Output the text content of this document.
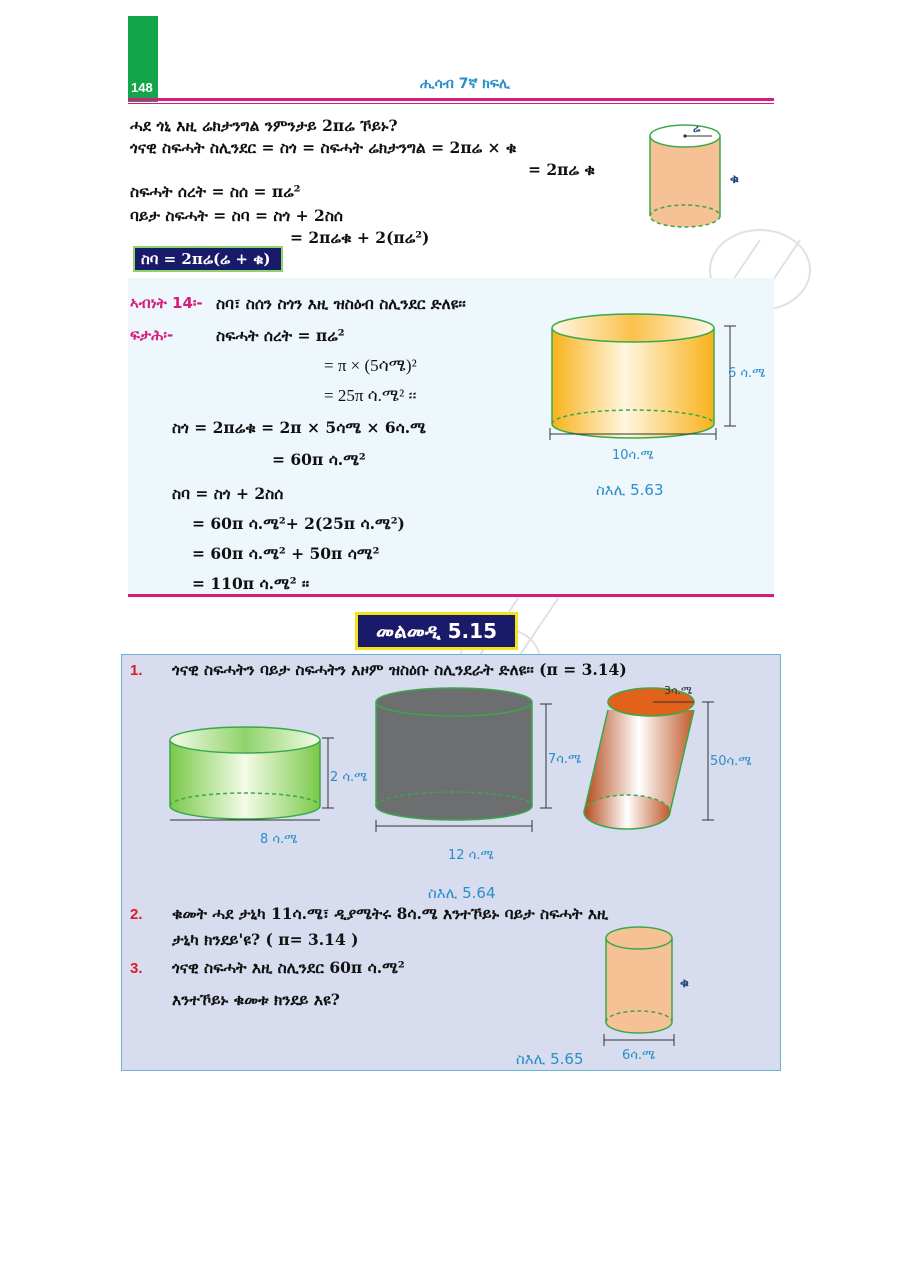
148	ሒሳብ 7ኛ ክፍሊ
ሓደ ጎኒ እዚ ሬክታንግል ንምንታይ 2πሬ ኾይኑ?
ጎናዊ ስፍሓት ስሊንደር = ስጎ = ስፍሓት ሬክታንግል = 2πሬ × ቁ
= 2πሬ ቁ
ስፍሓት ሰረት = ስሰ = πሬ²
ባይታ ስፍሓት = ስባ = ስጎ + 2ስሰ
= 2πሬቁ + 2(πሬ²)
ስባ = 2πሬ(ሬ + ቁ)
ሬ
ቁ
ኣብነት 14፡- ስባ፣ ስሰን ስጎን እዚ ዝስዕብ ስሊንደር ድለዩ፡፡
ፍታሕ፡-	ስፍሓት ሰረት = πሬ²
= π × (5ሳሜ)²
= 25π ሳ.ሜ² ፡፡
ስጎ = 2πሬቁ = 2π × 5ሳሜ × 6ሳ.ሜ
= 60π ሳ.ሜ²
ስባ = ስጎ + 2ስሰ
= 60π ሳ.ሜ²+ 2(25π ሳ.ሜ²)
= 60π ሳ.ሜ² + 50π ሳሜ²
= 110π ሳ.ሜ² ፡፡
6 ሳ.ሜ
10ሳ.ሜ
ስእሊ 5.63
መልመዲ 5.15
1. ጎናዊ ስፍሓትን ባይታ ስፍሓትን እዞም ዝስዕቡ ስሊንደራት ድለዩ፡፡ (π = 3.14)
2 ሳ.ሜ
8 ሳ.ሜ
7ሳ.ሜ
12 ሳ.ሜ
3ሳ.ሜ
50ሳ.ሜ
ስእሊ 5.64
2. ቁመት ሓደ ታኒካ 11ሳ.ሜ፣ ዲያሜትሩ 8ሳ.ሜ እንተኾይኑ ባይታ ስፍሓት እዚ
ታኒካ ክንደይ'ዩ? ( π= 3.14 )
3. ጎናዊ ስፍሓት እዚ ስሊንደር 60π ሳ.ሜ²
እንተኾይኑ ቁመቱ ክንደይ እዩ?
ቁ
6ሳ.ሜ
ስእሊ 5.65
